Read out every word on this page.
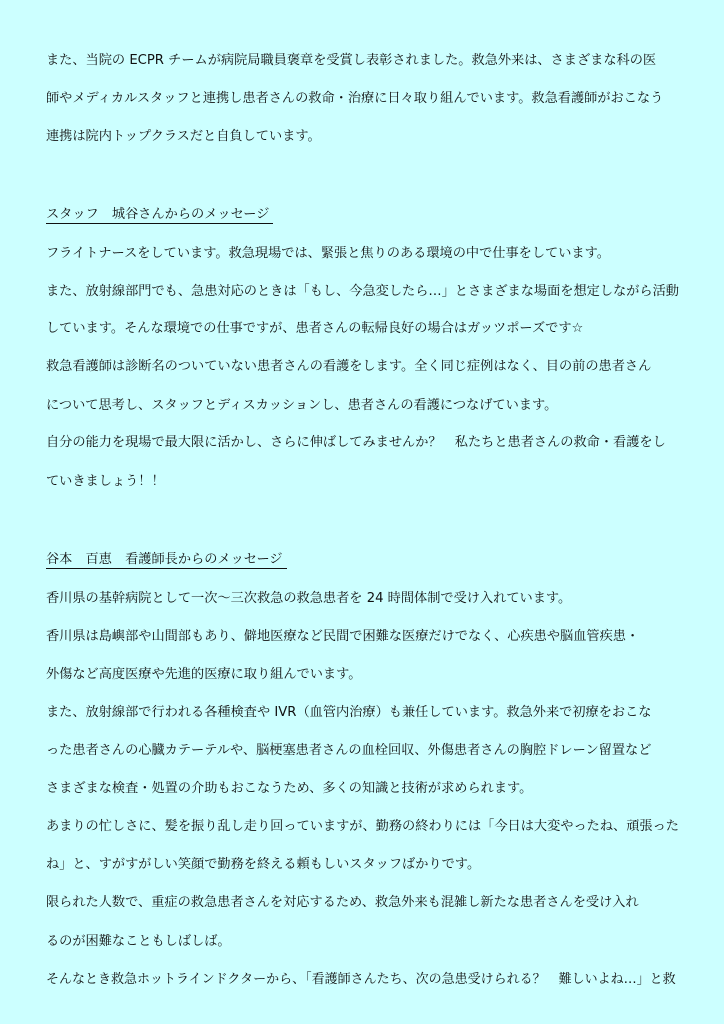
また、当院の ECPR チームが病院局職員褒章を受賞し表彰されました。救急外来は、さまざまな科の医

師やメディカルスタッフと連携し患者さんの救命・治療に日々取り組んでいます。救急看護師がおこなう

連携は院内トップクラスだと自負しています。

スタッフ　城谷さんからのメッセージ

フライトナースをしています。救急現場では、緊張と焦りのある環境の中で仕事をしています。

また、放射線部門でも、急患対応のときは「もし、今急変したら…」とさまざまな場面を想定しながら活動

しています。そんな環境での仕事ですが、患者さんの転帰良好の場合はガッツポーズです☆

救急看護師は診断名のついていない患者さんの看護をします。全く同じ症例はなく、目の前の患者さん

について思考し、スタッフとディスカッションし、患者さんの看護につなげています。

自分の能力を現場で最大限に活かし、さらに伸ばしてみませんか？　私たちと患者さんの救命・看護をし

ていきましょう！！

谷本　百恵　看護師長からのメッセージ

香川県の基幹病院として一次～三次救急の救急患者を 24 時間体制で受け入れています。

香川県は島嶼部や山間部もあり、僻地医療など民間で困難な医療だけでなく、心疾患や脳血管疾患・

外傷など高度医療や先進的医療に取り組んでいます。

また、放射線部で行われる各種検査や IVR（血管内治療）も兼任しています。救急外来で初療をおこな

った患者さんの心臓カテーテルや、脳梗塞患者さんの血栓回収、外傷患者さんの胸腔ドレーン留置など

さまざまな検査・処置の介助もおこなうため、多くの知識と技術が求められます。

あまりの忙しさに、髪を振り乱し走り回っていますが、勤務の終わりには「今日は大変やったね、頑張った

ね」と、すがすがしい笑顔で勤務を終える頼もしいスタッフばかりです。

限られた人数で、重症の救急患者さんを対応するため、救急外来も混雑し新たな患者さんを受け入れ

るのが困難なこともしばしば。

そんなとき救急ホットラインドクターから、「看護師さんたち、次の急患受けられる？　難しいよね…」と救
